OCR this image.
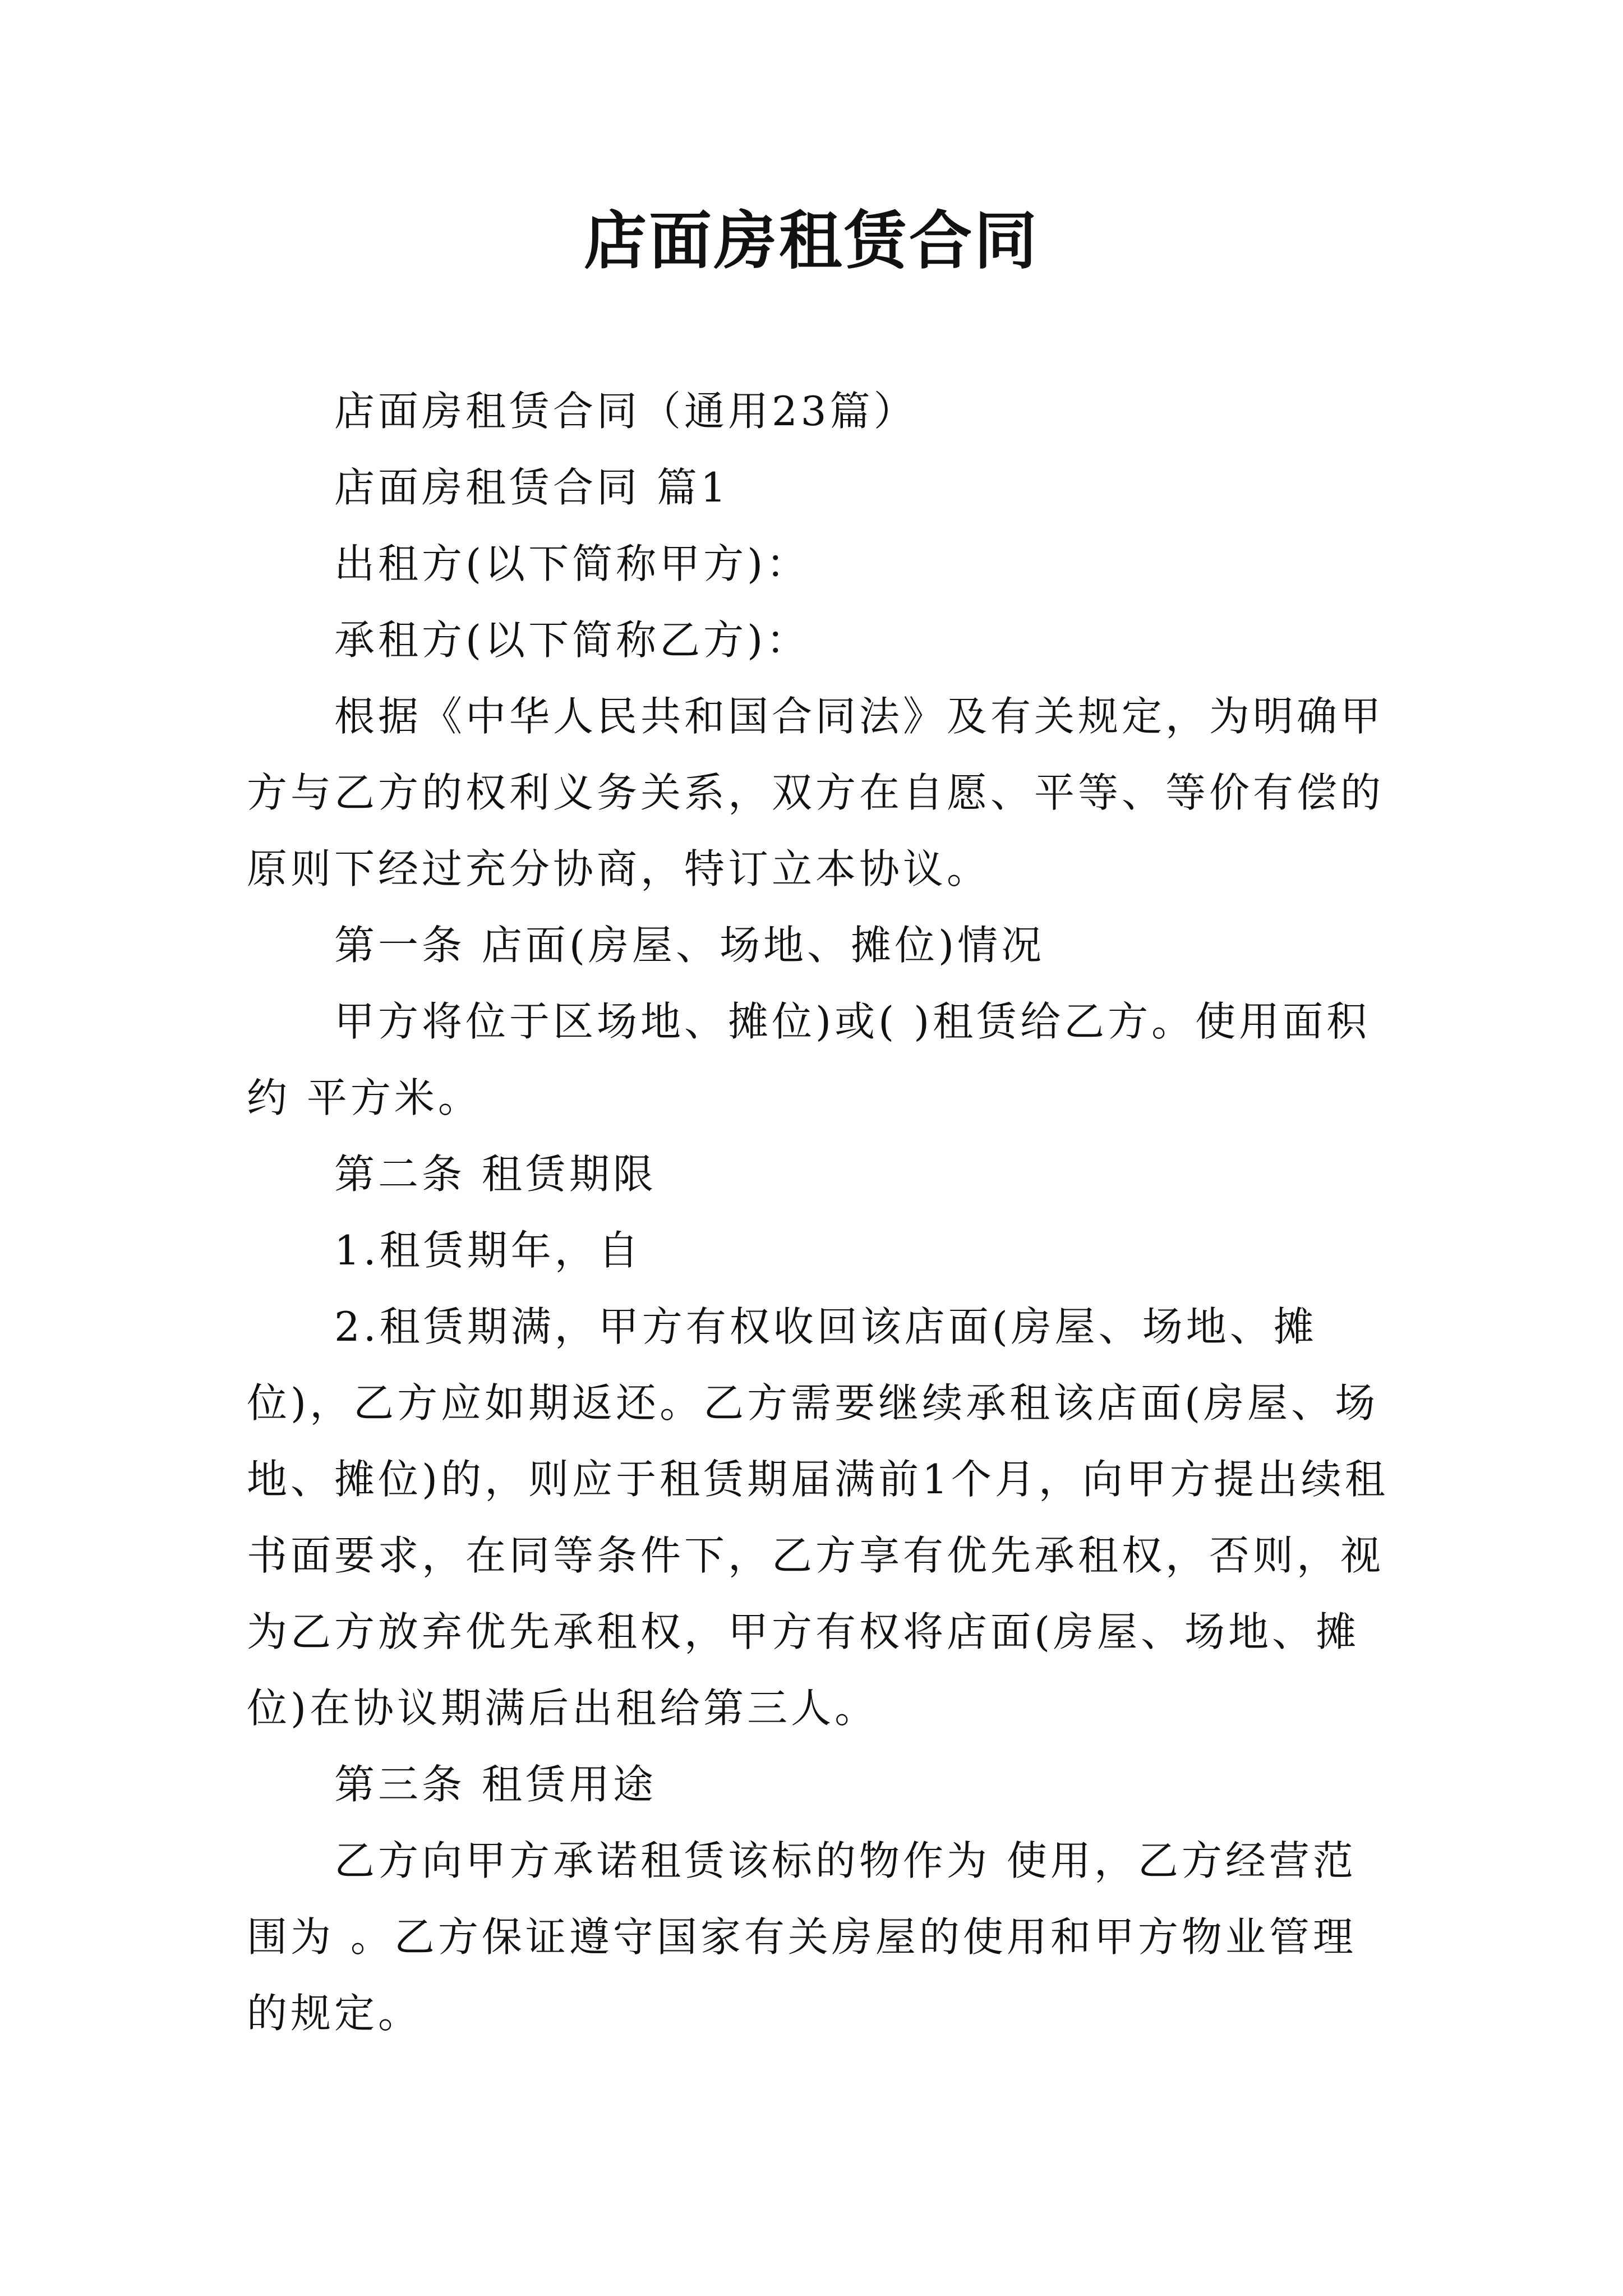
店面房租赁合同

店面房租赁合同（通用23篇）

店面房租赁合同 篇1

出租方(以下简称甲方)：

承租方(以下简称乙方)：

根据《中华人民共和国合同法》及有关规定，为明确甲方与乙方的权利义务关系，双方在自愿、平等、等价有偿的原则下经过充分协商，特订立本协议。

第一条 店面(房屋、场地、摊位)情况

甲方将位于区场地、摊位)或( )租赁给乙方。使用面积约 平方米。

第二条 租赁期限

1.租赁期年，自

2.租赁期满，甲方有权收回该店面(房屋、场地、摊位)，乙方应如期返还。乙方需要继续承租该店面(房屋、场地、摊位)的，则应于租赁期届满前1个月，向甲方提出续租书面要求，在同等条件下，乙方享有优先承租权，否则，视为乙方放弃优先承租权，甲方有权将店面(房屋、场地、摊位)在协议期满后出租给第三人。

第三条 租赁用途

乙方向甲方承诺租赁该标的物作为 使用，乙方经营范围为 。乙方保证遵守国家有关房屋的使用和甲方物业管理的规定。
